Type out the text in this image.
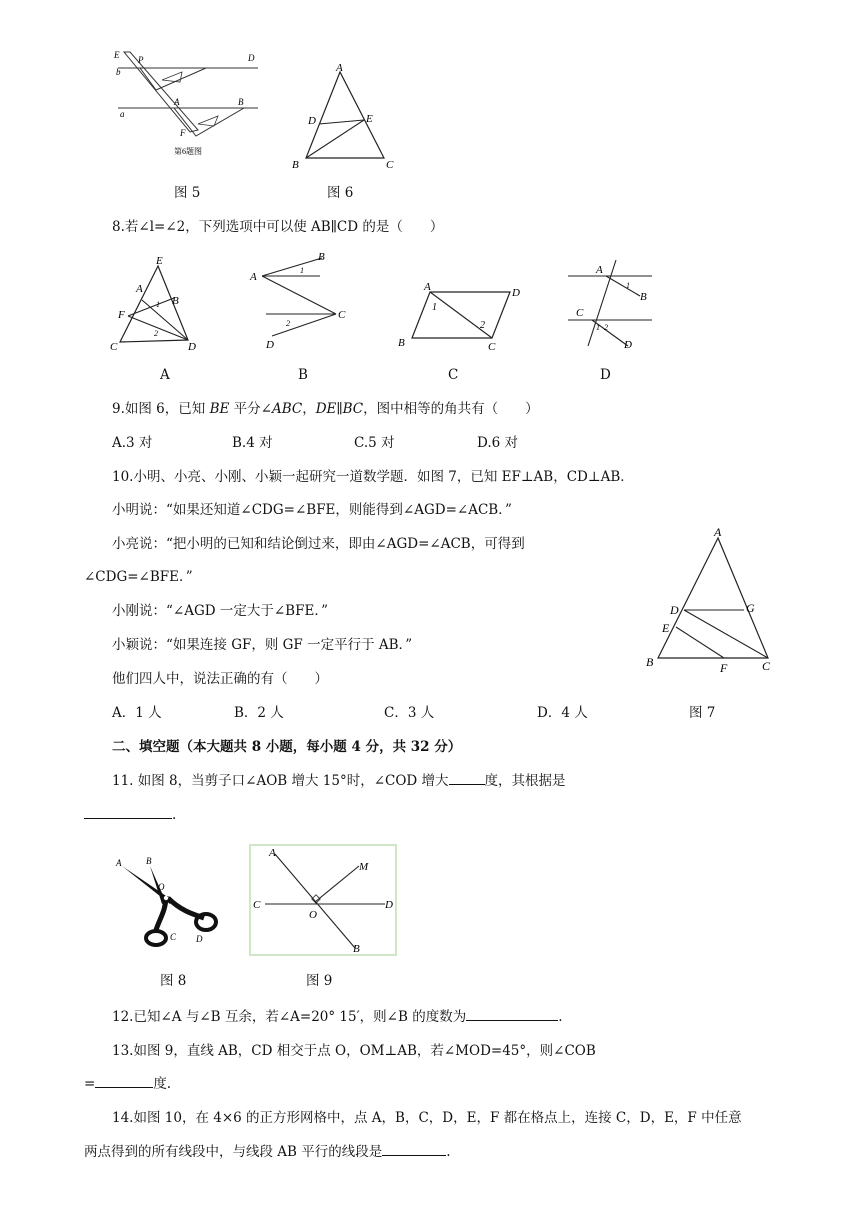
E
b
P	D
a
A	B
F
第6题图
图 5
A
D	E
B	C
图 6
8.若∠l=∠2，下列选项中可以使 AB∥CD 的是（　　）
E
A
1 B
F
2
C	D
A
B
A
1
C
2
D
B
A	D
1
2
B	C
C
A
1
B
C
1 2
D
D
9.如图 6，已知 BE 平分∠ABC，DE∥BC，图中相等的角共有（　　）
A.3 对	B.4 对	C.5 对	D.6 对
10.小明、小亮、小刚、小颖一起研究一道数学题．如图 7，已知 EF⊥AB，CD⊥AB．
小明说：“如果还知道∠CDG=∠BFE，则能得到∠AGD=∠ACB．”
小亮说：“把小明的已知和结论倒过来，即由∠AGD=∠ACB，可得到
∠CDG=∠BFE．”
小刚说：“∠AGD 一定大于∠BFE．”
小颖说：“如果连接 GF，则 GF 一定平行于 AB．”
他们四人中，说法正确的有（　　）
A．1 人	B．2 人	C．3 人	D．4 人
A
D	G
E
B	F	C
图 7
二、填空题（本大题共 8 小题，每小题 4 分，共 32 分）
11. 如图 8，当剪子口∠AOB 增大 15°时，∠COD 增大	度，其根据是
.
A	B
O
C D
图 8
A
M
C
O
D
B
图 9
12.已知∠A 与∠B 互余，若∠A=20° 15′，则∠B 的度数为	.
13.如图 9，直线 AB，CD 相交于点 O，OM⊥AB，若∠MOD=45°，则∠COB
=	度.
14.如图 10，在 4×6 的正方形网格中，点 A，B，C，D，E，F 都在格点上，连接 C，D，E，F 中任意
两点得到的所有线段中，与线段 AB 平行的线段是	.
